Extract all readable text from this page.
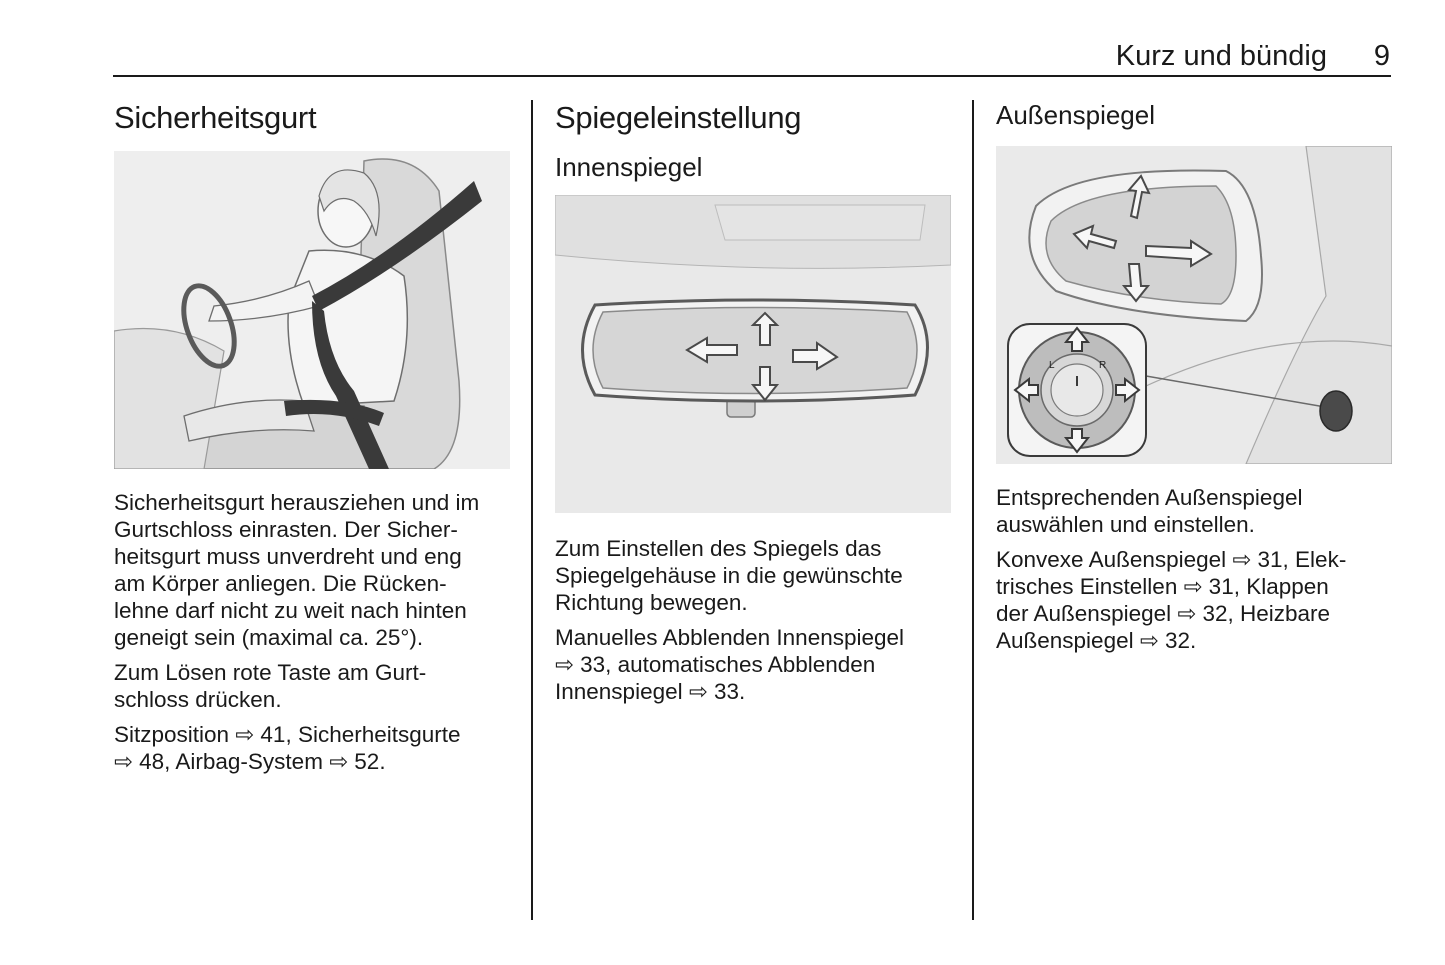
Kurz und bündig 9
Sicherheitsgurt

Sicherheitsgurt herausziehen und im
Gurtschloss einrasten. Der Sicher-
heitsgurt muss unverdreht und eng
am Körper anliegen. Die Rücken-
lehne darf nicht zu weit nach hinten
geneigt sein (maximal ca. 25°).

Zum Lösen rote Taste am Gurt-
schloss drücken.

Sitzposition ⇨ 41, Sicherheitsgurte
⇨ 48, Airbag-System ⇨ 52.

Spiegeleinstellung
Innenspiegel

Zum Einstellen des Spiegels das
Spiegelgehäuse in die gewünschte
Richtung bewegen.

Manuelles Abblenden Innenspiegel
⇨ 33, automatisches Abblenden
Innenspiegel ⇨ 33.

Außenspiegel
L	R

Entsprechenden Außenspiegel
auswählen und einstellen.

Konvexe Außenspiegel ⇨ 31, Elek-
trisches Einstellen ⇨ 31, Klappen
der Außenspiegel ⇨ 32, Heizbare
Außenspiegel ⇨ 32.
